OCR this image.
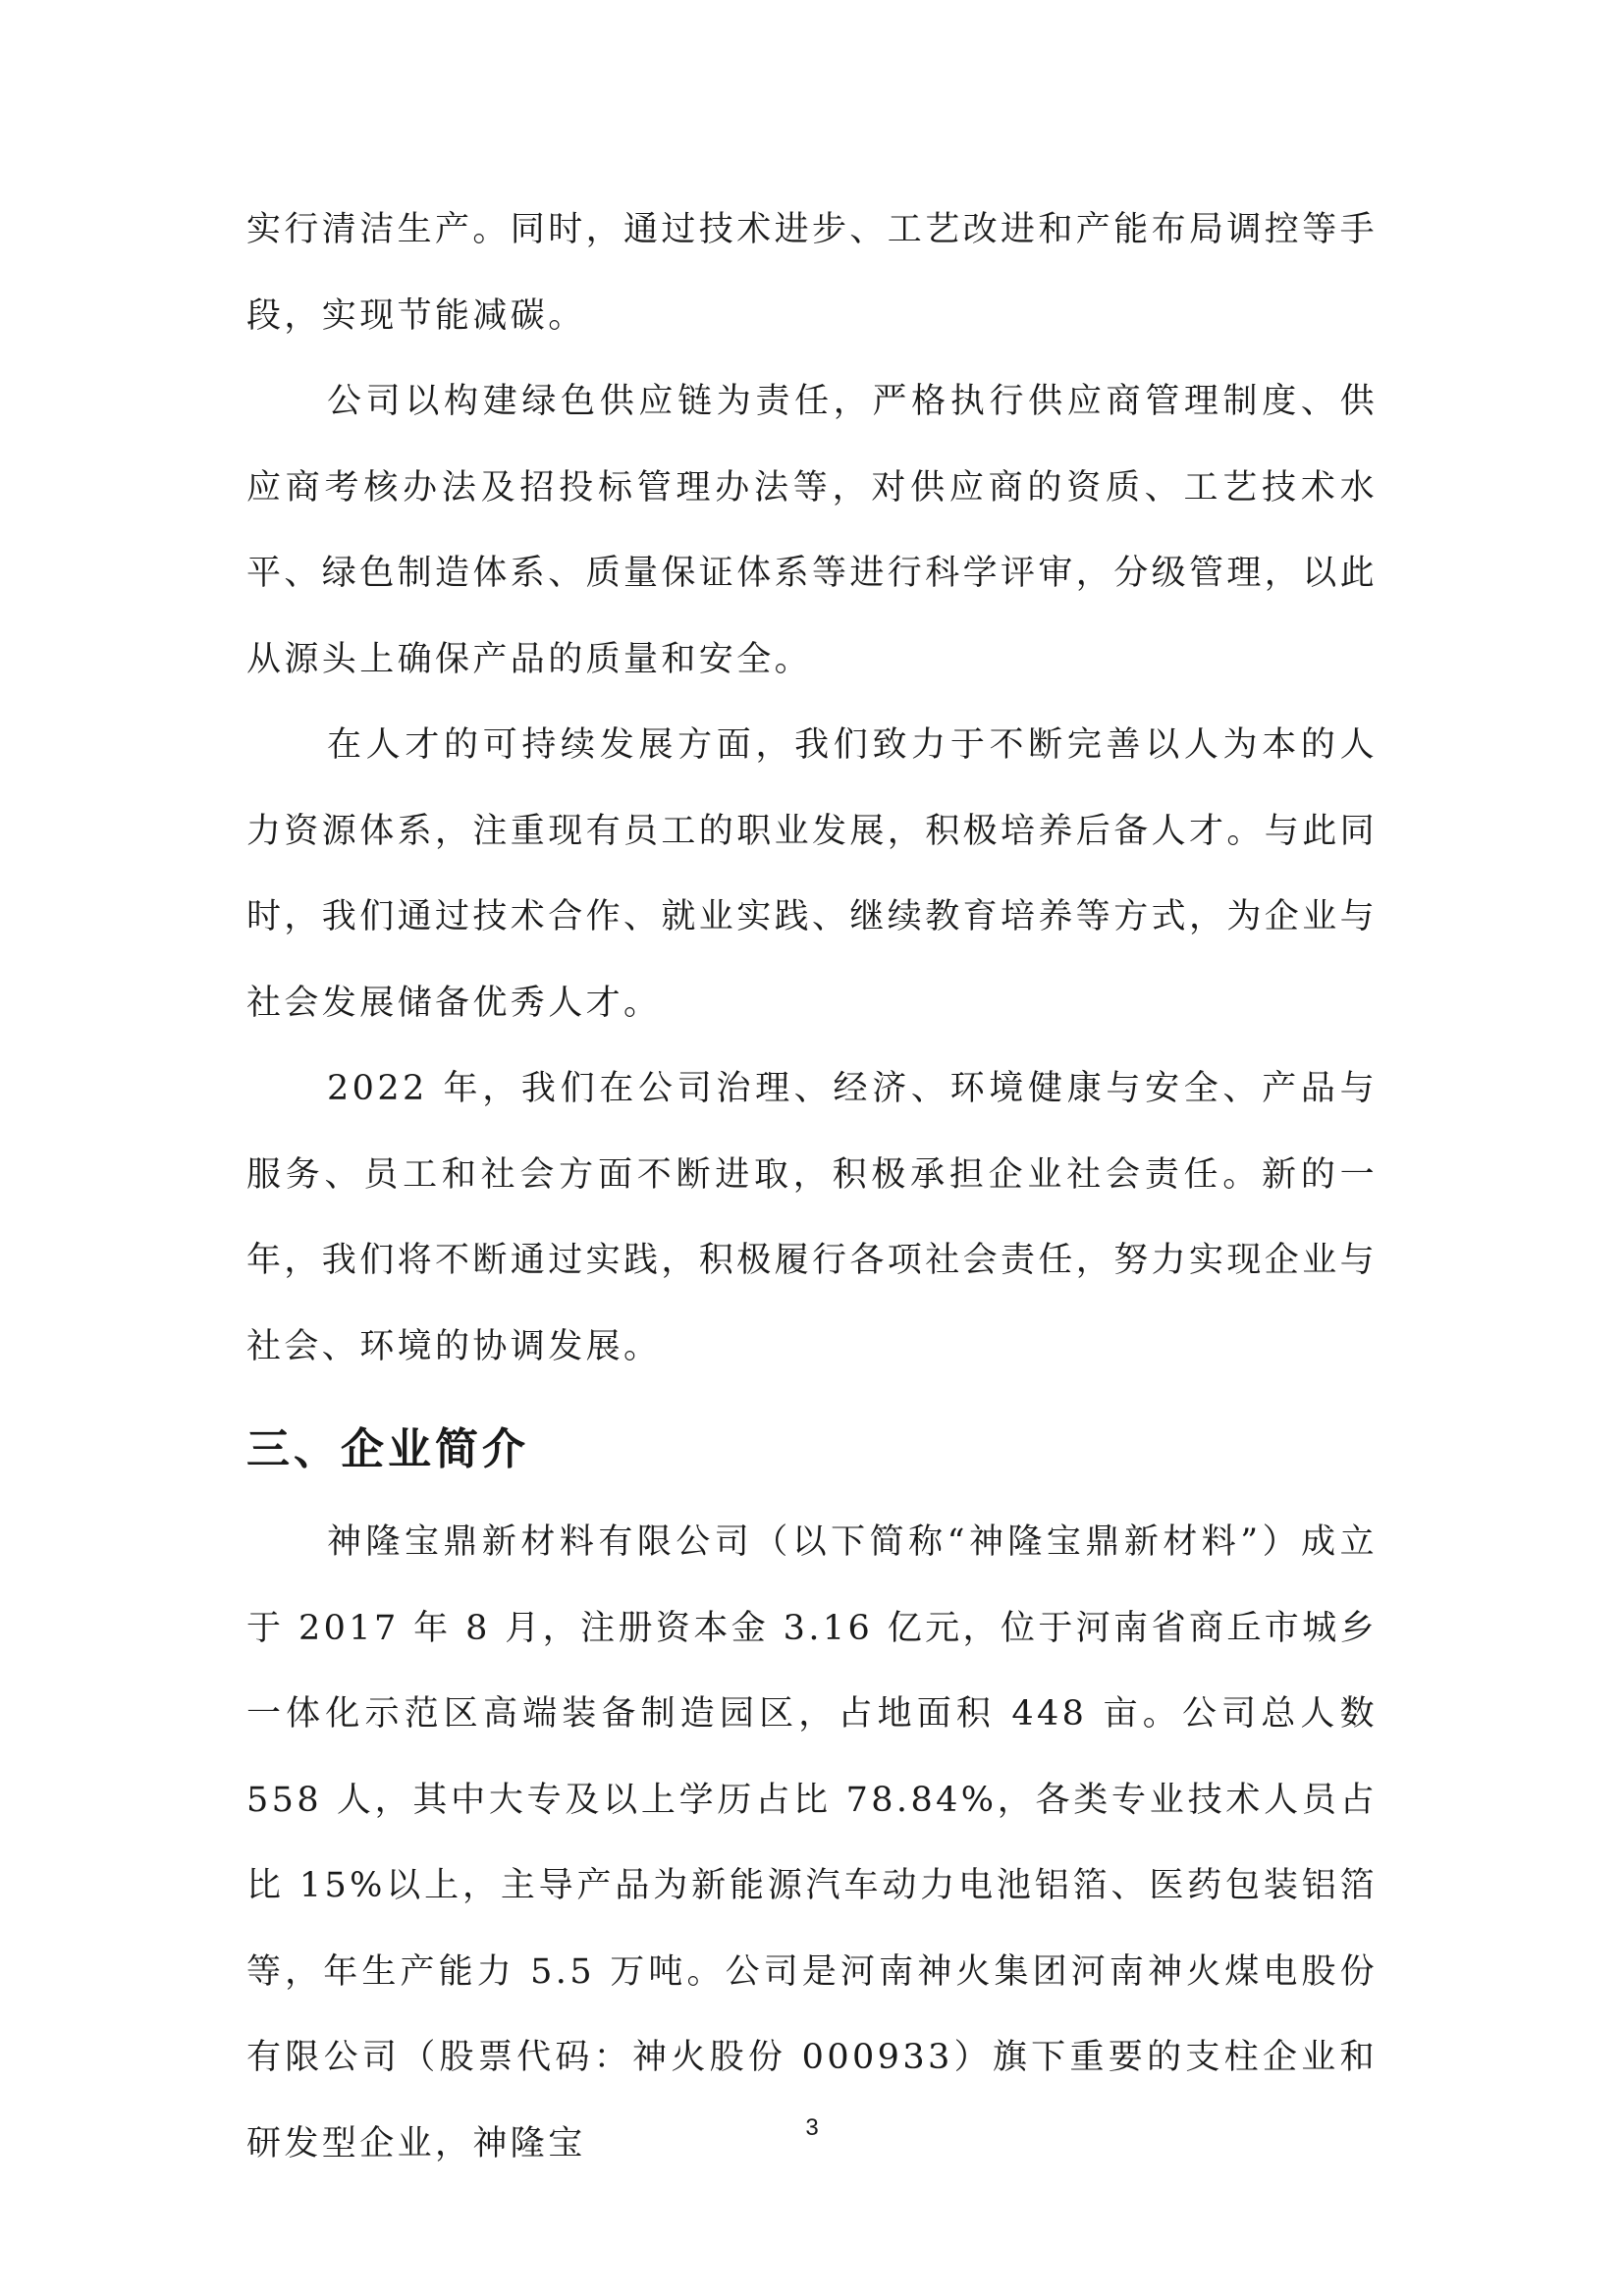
实行清洁生产。同时，通过技术进步、工艺改进和产能布局调控等手段，实现节能减碳。

公司以构建绿色供应链为责任，严格执行供应商管理制度、供应商考核办法及招投标管理办法等，对供应商的资质、工艺技术水平、绿色制造体系、质量保证体系等进行科学评审，分级管理，以此从源头上确保产品的质量和安全。

在人才的可持续发展方面，我们致力于不断完善以人为本的人力资源体系，注重现有员工的职业发展，积极培养后备人才。与此同时，我们通过技术合作、就业实践、继续教育培养等方式，为企业与社会发展储备优秀人才。

2022 年，我们在公司治理、经济、环境健康与安全、产品与服务、员工和社会方面不断进取，积极承担企业社会责任。新的一年，我们将不断通过实践，积极履行各项社会责任，努力实现企业与社会、环境的协调发展。

三、企业简介

神隆宝鼎新材料有限公司（以下简称“神隆宝鼎新材料”）成立于 2017 年 8 月，注册资本金 3.16 亿元，位于河南省商丘市城乡一体化示范区高端装备制造园区，占地面积 448 亩。公司总人数 558 人，其中大专及以上学历占比 78.84%，各类专业技术人员占比 15%以上，主导产品为新能源汽车动力电池铝箔、医药包装铝箔等，年生产能力 5.5 万吨。公司是河南神火集团河南神火煤电股份有限公司（股票代码：神火股份 000933）旗下重要的支柱企业和研发型企业，神隆宝	3
